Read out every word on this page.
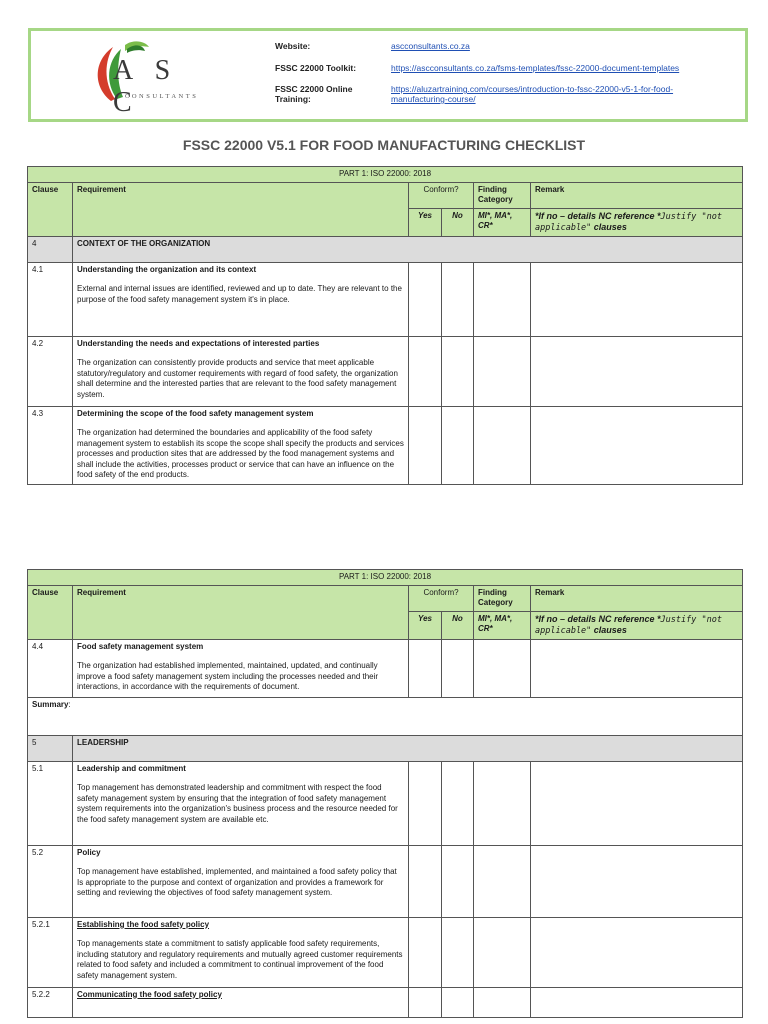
A S C
CONSULTANTS
Website:	ascconsultants.co.za
FSSC 22000 Toolkit:	https://ascconsultants.co.za/fsms-templates/fssc-22000-document-templates
FSSC 22000 Online Training:
https://aluzartraining.com/courses/introduction-to-fssc-22000-v5-1-for-food-manufacturing-course/
FSSC 22000 V5.1 FOR FOOD MANUFACTURING CHECKLIST
PART 1: ISO 22000: 2018					
Clause	Requirement	Conform?		Finding Category	Remark
		Yes	No	MI*, MA*, CR*	*If no – details NC reference *Justify "not applicable" clauses
4	CONTEXT OF THE ORGANIZATION				
4.1	Understanding the organization and its context
External and internal issues are identified, reviewed and up to date. They are relevant to the purpose of the food safety management system it's in place.				

4.2	Understanding the needs and expectations of interested parties
The organization can consistently provide products and service that meet applicable statutory/regulatory and customer requirements with regard of food safety, the organization shall determine and the interested parties that are relevant to the food safety management system.				

4.3	Determining the scope of the food safety management system
The organization had determined the boundaries and applicability of the food safety management system to establish its scope the scope shall specify the products and services processes and production sites that are addressed by the food management systems and shall include the activities, processes product or service that can have an influence on the food safety of the end products.				

PART 1: ISO 22000: 2018					
Clause	Requirement	Conform?		Finding Category	Remark
		Yes	No	MI*, MA*, CR*	*If no – details NC reference *Justify "not applicable" clauses
4.4	Food safety management system
The organization had established implemented, maintained, updated, and continually improve a food safety management system including the processes needed and their interactions, in accordance with the requirements of document.				

Summary:					
5	LEADERSHIP				
5.1	Leadership and commitment
Top management has demonstrated leadership and commitment with respect the food safety management system by ensuring that the integration of food safety management system requirements into the organization's business process and the resource needed for the food safety management system are available etc.				

5.2	Policy
Top management have established, implemented, and maintained a food safety policy that Is appropriate to the purpose and context of organization and provides a framework for setting and reviewing the objectives of food safety management system.				

5.2.1	Establishing the food safety policy
Top managements state a commitment to satisfy applicable food safety requirements, including statutory and regulatory requirements and mutually agreed customer requirements related to food safety and included a commitment to continual improvement of the food safety management system.				

5.2.2	Communicating the food safety policy				
